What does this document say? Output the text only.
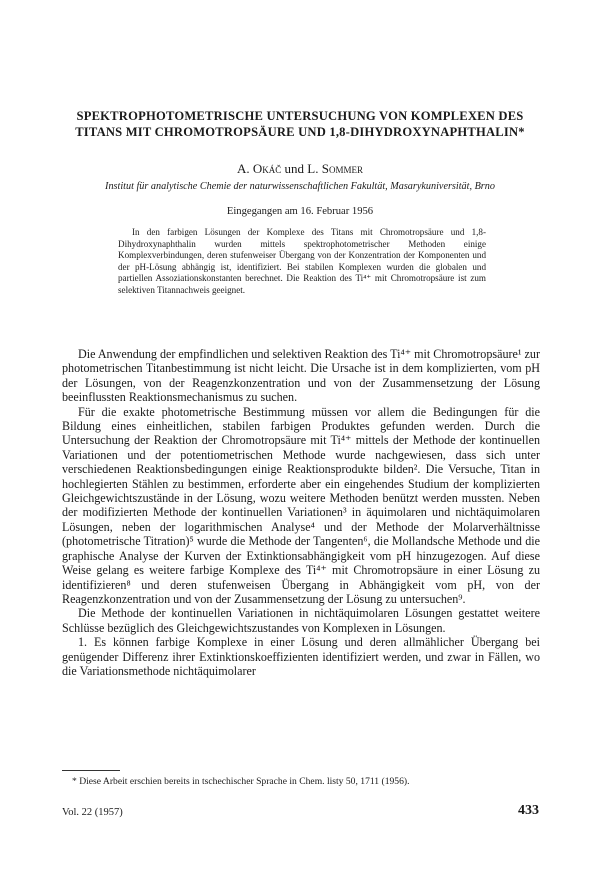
SPEKTROPHOTOMETRISCHE UNTERSUCHUNG VON KOMPLEXEN DES
TITANS MIT CHROMOTROPSÄURE UND 1,8-DIHYDROXYNAPHTHALIN*
A. Okáč und L. Sommer
Institut für analytische Chemie der naturwissenschaftlichen Fakultät, Masarykuniversität, Brno
Eingegangen am 16. Februar 1956
In den farbigen Lösungen der Komplexe des Titans mit Chromotropsäure und 1,8-Dihydroxynaphthalin wurden mittels spektrophotometrischer Methoden einige Komplexverbindungen, deren stufenweiser Übergang von der Konzentration der Komponenten und der pH-Lösung abhängig ist, identifiziert. Bei stabilen Komplexen wurden die globalen und partiellen Assoziationskonstanten berechnet. Die Reaktion des Ti⁴⁺ mit Chromotropsäure ist zum selektiven Titannachweis geeignet.

Die Anwendung der empfindlichen und selektiven Reaktion des Ti⁴⁺ mit Chromotropsäure¹ zur photometrischen Titanbestimmung ist nicht leicht. Die Ursache ist in dem komplizierten, vom pH der Lösungen, von der Reagenzkonzentration und von der Zusammensetzung der Lösung beeinflussten Reaktionsmechanismus zu suchen.

Für die exakte photometrische Bestimmung müssen vor allem die Bedingungen für die Bildung eines einheitlichen, stabilen farbigen Produktes gefunden werden. Durch die Untersuchung der Reaktion der Chromotropsäure mit Ti⁴⁺ mittels der Methode der kontinuellen Variationen und der potentiometrischen Methode wurde nachgewiesen, dass sich unter verschiedenen Reaktionsbedingungen einige Reaktionsprodukte bilden². Die Versuche, Titan in hochlegierten Stählen zu bestimmen, erforderte aber ein eingehendes Studium der komplizierten Gleichgewichtszustände in der Lösung, wozu weitere Methoden benützt werden mussten. Neben der modifizierten Methode der kontinuellen Variationen³ in äquimolaren und nichtäquimolaren Lösungen, neben der logarithmischen Analyse⁴ und der Methode der Molarverhältnisse (photometrische Titration)⁵ wurde die Methode der Tangenten⁶, die Mollandsche Methode und die graphische Analyse der Kurven der Extinktionsabhängigkeit vom pH hinzugezogen. Auf diese Weise gelang es weitere farbige Komplexe des Ti⁴⁺ mit Chromotropsäure in einer Lösung zu identifizieren⁸ und deren stufenweisen Übergang in Abhängigkeit vom pH, von der Reagenzkonzentration und von der Zusammensetzung der Lösung zu untersuchen⁹.

Die Methode der kontinuellen Variationen in nichtäquimolaren Lösungen gestattet weitere Schlüsse bezüglich des Gleichgewichtszustandes von Komplexen in Lösungen.

1. Es können farbige Komplexe in einer Lösung und deren allmählicher Übergang bei genügender Differenz ihrer Extinktionskoeffizienten identifiziert werden, und zwar in Fällen, wo die Variationsmethode nichtäquimolarer

* Diese Arbeit erschien bereits in tschechischer Sprache in Chem. listy 50, 1711 (1956).
Vol. 22 (1957)	433
